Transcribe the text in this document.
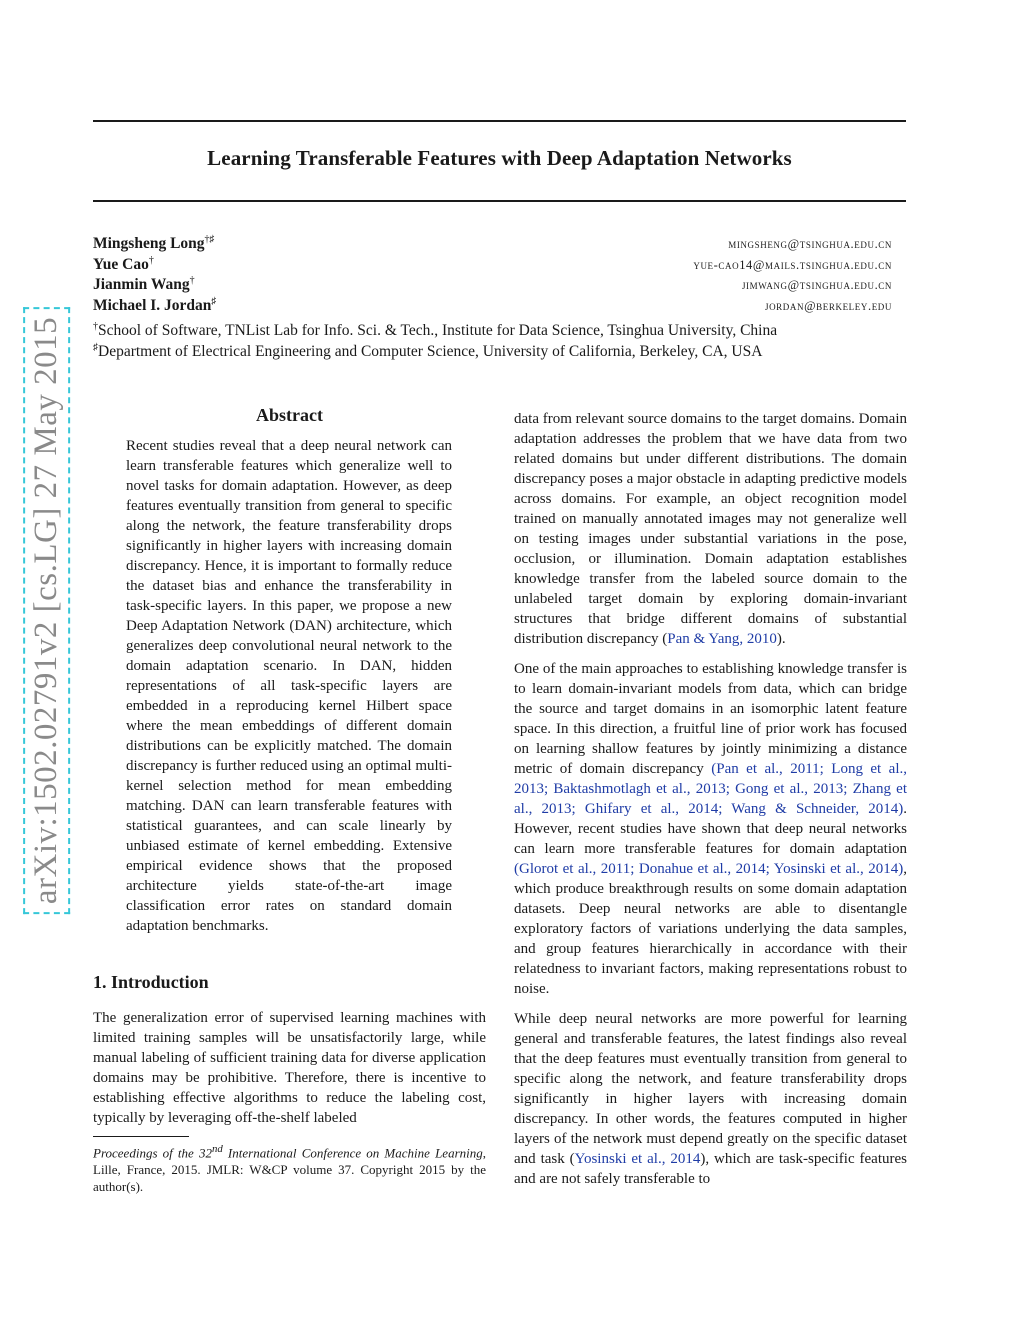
Learning Transferable Features with Deep Adaptation Networks
Mingsheng Long†♯	mingsheng@tsinghua.edu.cn
Yue Cao†	yue-cao14@mails.tsinghua.edu.cn
Jianmin Wang†	jimwang@tsinghua.edu.cn
Michael I. Jordan♯	jordan@berkeley.edu
†School of Software, TNList Lab for Info. Sci. & Tech., Institute for Data Science, Tsinghua University, China
♯Department of Electrical Engineering and Computer Science, University of California, Berkeley, CA, USA
arXiv:1502.02791v2 [cs.LG] 27 May 2015	Abstract
Recent studies reveal that a deep neural network can learn transferable features which generalize well to novel tasks for domain adaptation. However, as deep features eventually transition from general to specific along the network, the feature transferability drops significantly in higher layers with increasing domain discrepancy. Hence, it is important to formally reduce the dataset bias and enhance the transferability in task-specific layers. In this paper, we propose a new Deep Adaptation Network (DAN) architecture, which generalizes deep convolutional neural network to the domain adaptation scenario. In DAN, hidden representations of all task-specific layers are embedded in a reproducing kernel Hilbert space where the mean embeddings of different domain distributions can be explicitly matched. The domain discrepancy is further reduced using an optimal multi-kernel selection method for mean embedding matching. DAN can learn transferable features with statistical guarantees, and can scale linearly by unbiased estimate of kernel embedding. Extensive empirical evidence shows that the proposed architecture yields state-of-the-art image classification error rates on standard domain adaptation benchmarks.
1. Introduction
The generalization error of supervised learning machines with limited training samples will be unsatisfactorily large, while manual labeling of sufficient training data for diverse application domains may be prohibitive. Therefore, there is incentive to establishing effective algorithms to reduce the labeling cost, typically by leveraging off-the-shelf labeled
Proceedings of the 32nd International Conference on Machine Learning, Lille, France, 2015. JMLR: W&CP volume 37. Copyright 2015 by the author(s).

data from relevant source domains to the target domains. Domain adaptation addresses the problem that we have data from two related domains but under different distributions. The domain discrepancy poses a major obstacle in adapting predictive models across domains. For example, an object recognition model trained on manually annotated images may not generalize well on testing images under substantial variations in the pose, occlusion, or illumination. Domain adaptation establishes knowledge transfer from the labeled source domain to the unlabeled target domain by exploring domain-invariant structures that bridge different domains of substantial distribution discrepancy (Pan & Yang, 2010).

One of the main approaches to establishing knowledge transfer is to learn domain-invariant models from data, which can bridge the source and target domains in an isomorphic latent feature space. In this direction, a fruitful line of prior work has focused on learning shallow features by jointly minimizing a distance metric of domain discrepancy (Pan et al., 2011; Long et al., 2013; Baktashmotlagh et al., 2013; Gong et al., 2013; Zhang et al., 2013; Ghifary et al., 2014; Wang & Schneider, 2014). However, recent studies have shown that deep neural networks can learn more transferable features for domain adaptation (Glorot et al., 2011; Donahue et al., 2014; Yosinski et al., 2014), which produce breakthrough results on some domain adaptation datasets. Deep neural networks are able to disentangle exploratory factors of variations underlying the data samples, and group features hierarchically in accordance with their relatedness to invariant factors, making representations robust to noise.

While deep neural networks are more powerful for learning general and transferable features, the latest findings also reveal that the deep features must eventually transition from general to specific along the network, and feature transferability drops significantly in higher layers with increasing domain discrepancy. In other words, the features computed in higher layers of the network must depend greatly on the specific dataset and task (Yosinski et al., 2014), which are task-specific features and are not safely transferable to
